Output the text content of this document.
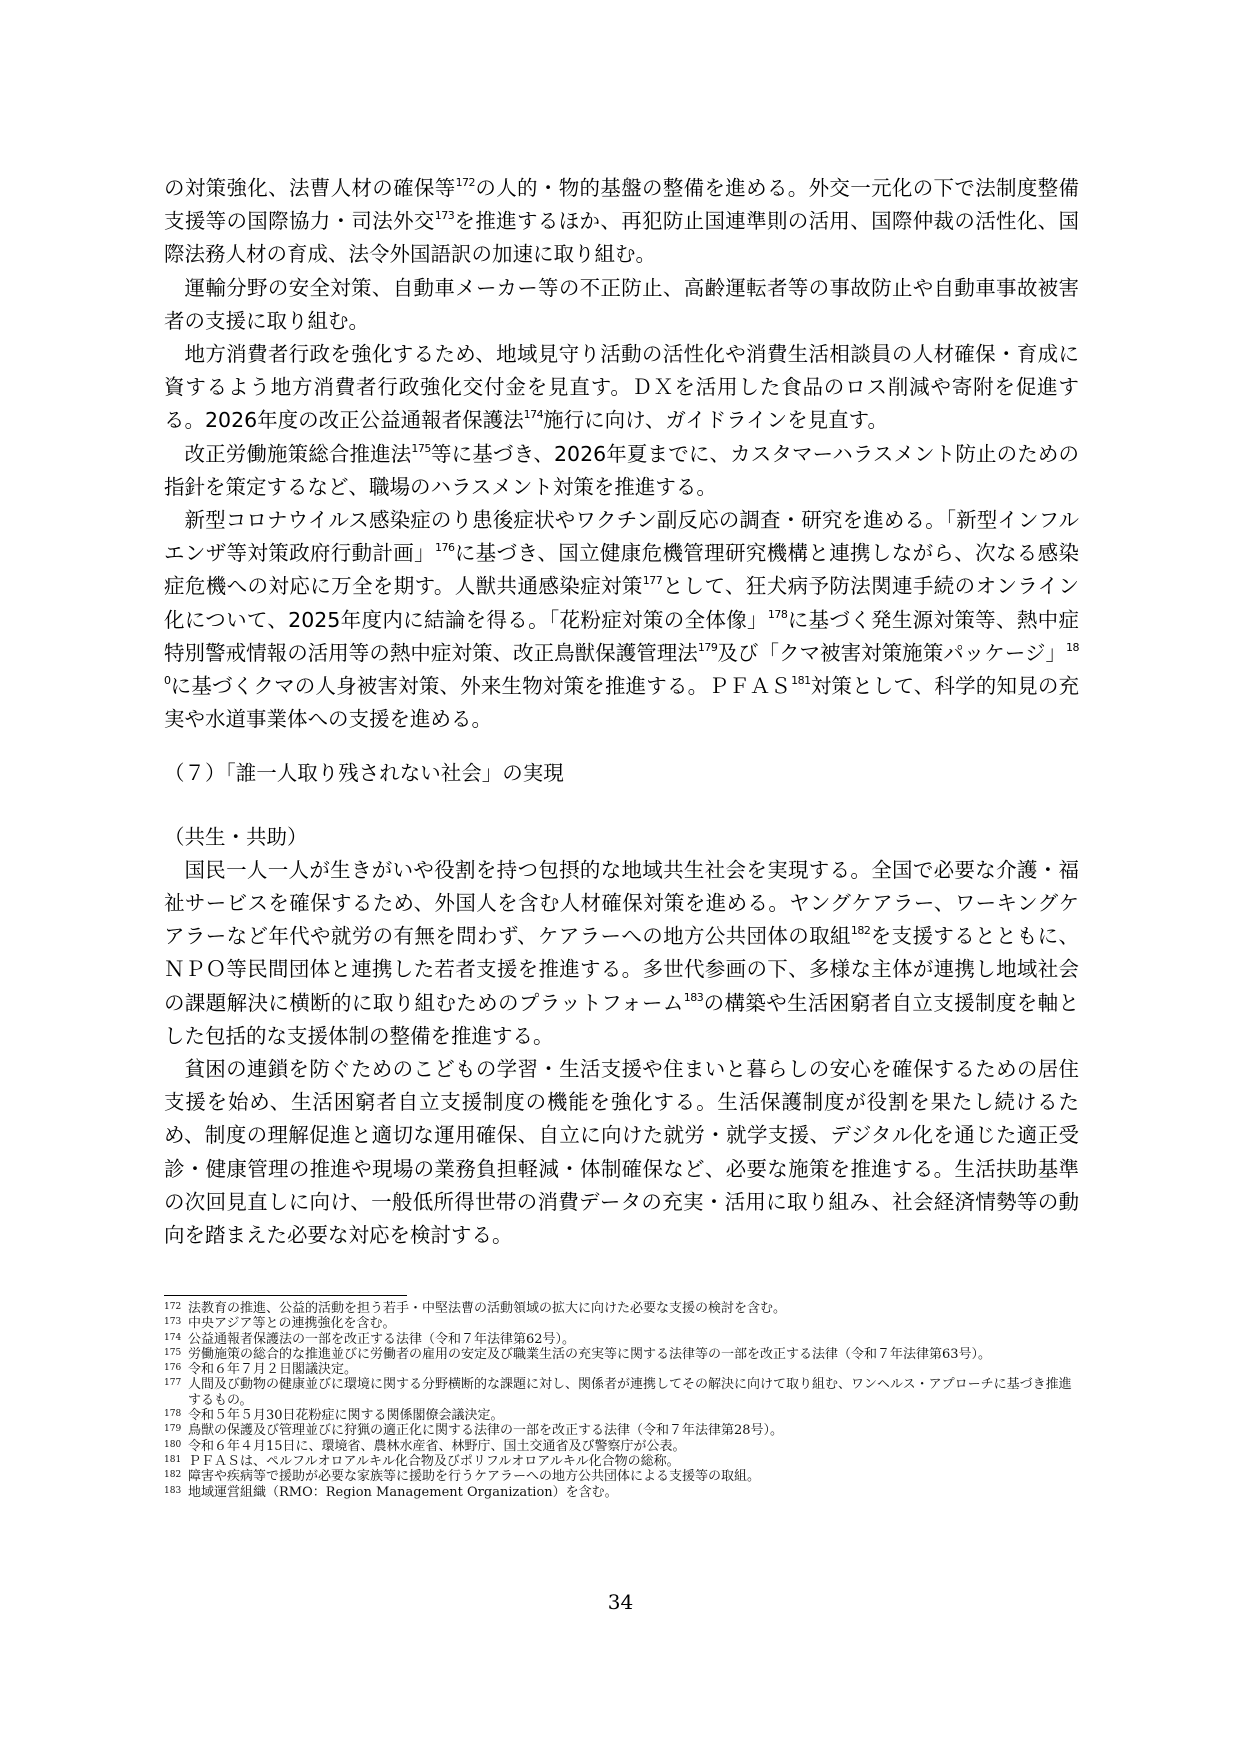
の対策強化、法曹人材の確保等$^{172}$の人的・物的基盤の整備を進める。外交一元化の下で法制度整備支援等の国際協力・司法外交$^{173}$を推進するほか、再犯防止国連準則の活用、国際仲裁の活性化、国際法務人材の育成、法令外国語訳の加速に取り組む。

運輸分野の安全対策、自動車メーカー等の不正防止、高齢運転者等の事故防止や自動車事故被害者の支援に取り組む。

地方消費者行政を強化するため、地域見守り活動の活性化や消費生活相談員の人材確保・育成に資するよう地方消費者行政強化交付金を見直す。ＤＸを活用した食品のロス削減や寄附を促進する。2026年度の改正公益通報者保護法$^{174}$施行に向け、ガイドラインを見直す。

改正労働施策総合推進法$^{175}$等に基づき、2026年夏までに、カスタマーハラスメント防止のための指針を策定するなど、職場のハラスメント対策を推進する。

新型コロナウイルス感染症のり患後症状やワクチン副反応の調査・研究を進める。「新型インフルエンザ等対策政府行動計画」$^{176}$に基づき、国立健康危機管理研究機構と連携しながら、次なる感染症危機への対応に万全を期す。人獣共通感染症対策$^{177}$として、狂犬病予防法関連手続のオンライン化について、2025年度内に結論を得る。「花粉症対策の全体像」$^{178}$に基づく発生源対策等、熱中症特別警戒情報の活用等の熱中症対策、改正鳥獣保護管理法$^{179}$及び「クマ被害対策施策パッケージ」$^{180}$に基づくクマの人身被害対策、外来生物対策を推進する。ＰＦＡＳ$^{181}$対策として、科学的知見の充実や水道事業体への支援を進める。

（７）「誰一人取り残されない社会」の実現

（共生・共助）

国民一人一人が生きがいや役割を持つ包摂的な地域共生社会を実現する。全国で必要な介護・福祉サービスを確保するため、外国人を含む人材確保対策を進める。ヤングケアラー、ワーキングケアラーなど年代や就労の有無を問わず、ケアラーへの地方公共団体の取組$^{182}$を支援するとともに、ＮＰＯ等民間団体と連携した若者支援を推進する。多世代参画の下、多様な主体が連携し地域社会の課題解決に横断的に取り組むためのプラットフォーム$^{183}$の構築や生活困窮者自立支援制度を軸とした包括的な支援体制の整備を推進する。

貧困の連鎖を防ぐためのこどもの学習・生活支援や住まいと暮らしの安心を確保するための居住支援を始め、生活困窮者自立支援制度の機能を強化する。生活保護制度が役割を果たし続けるため、制度の理解促進と適切な運用確保、自立に向けた就労・就学支援、デジタル化を通じた適正受診・健康管理の推進や現場の業務負担軽減・体制確保など、必要な施策を推進する。生活扶助基準の次回見直しに向け、一般低所得世帯の消費データの充実・活用に取り組み、社会経済情勢等の動向を踏まえた必要な対応を検討する。

172 法教育の推進、公益的活動を担う若手・中堅法曹の活動領域の拡大に向けた必要な支援の検討を含む。

173 中央アジア等との連携強化を含む。

174 公益通報者保護法の一部を改正する法律（令和７年法律第62号）。

175 労働施策の総合的な推進並びに労働者の雇用の安定及び職業生活の充実等に関する法律等の一部を改正する法律（令和７年法律第63号）。

176 令和６年７月２日閣議決定。

177 人間及び動物の健康並びに環境に関する分野横断的な課題に対し、関係者が連携してその解決に向けて取り組む、ワンヘルス・アプローチに基づき推進するもの。

178 令和５年５月30日花粉症に関する関係閣僚会議決定。

179 鳥獣の保護及び管理並びに狩猟の適正化に関する法律の一部を改正する法律（令和７年法律第28号）。

180 令和６年４月15日に、環境省、農林水産省、林野庁、国土交通省及び警察庁が公表。

181 ＰＦＡＳは、ペルフルオロアルキル化合物及びポリフルオロアルキル化合物の総称。

182 障害や疾病等で援助が必要な家族等に援助を行うケアラーへの地方公共団体による支援等の取組。

183 地域運営組織（RMO：Region Management Organization）を含む。

34
